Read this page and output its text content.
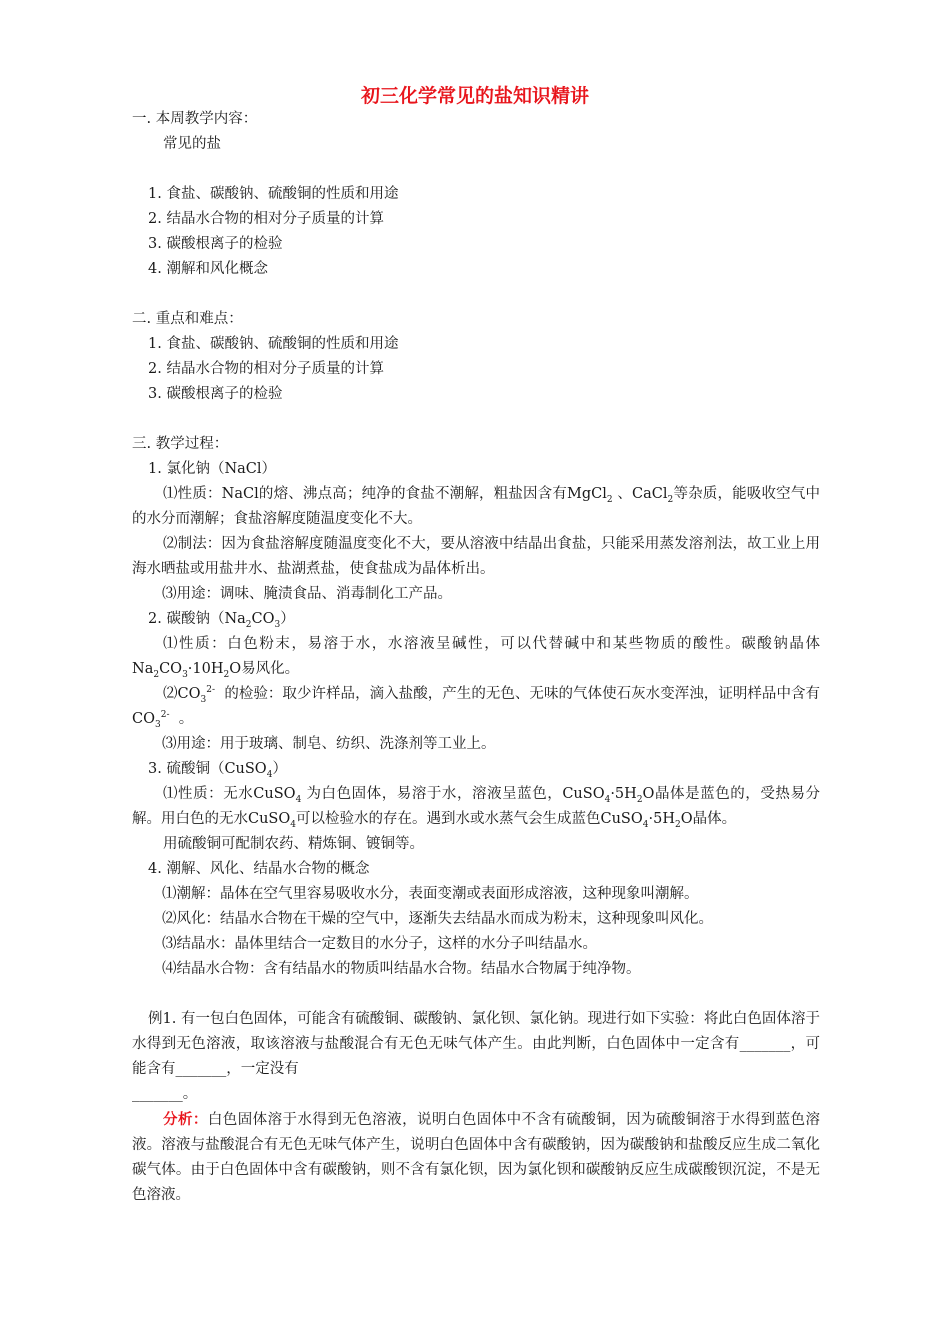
初三化学常见的盐知识精讲

一. 本周教学内容：

常见的盐

1. 食盐、碳酸钠、硫酸铜的性质和用途

2. 结晶水合物的相对分子质量的计算

3. 碳酸根离子的检验

4. 潮解和风化概念

二. 重点和难点：

1. 食盐、碳酸钠、硫酸铜的性质和用途

2. 结晶水合物的相对分子质量的计算

3. 碳酸根离子的检验

三. 教学过程：

1. 氯化钠（NaCl）

⑴性质：NaCl的熔、沸点高；纯净的食盐不潮解，粗盐因含有MgCl$_2$ 、CaCl$_2$等杂质，能吸收空气中的水分而潮解；食盐溶解度随温度变化不大。

⑵制法：因为食盐溶解度随温度变化不大，要从溶液中结晶出食盐，只能采用蒸发溶剂法，故工业上用海水晒盐或用盐井水、盐湖煮盐，使食盐成为晶体析出。

⑶用途：调味、腌渍食品、消毒制化工产品。

2. 碳酸钠$(Na_2CO_3)$

⑴性质：白色粉末，易溶于水，水溶液呈碱性，可以代替碱中和某些物质的酸性。碳酸钠晶体$Na_2CO_3\cdot 10H_2O$易风化。

$⑵CO_3^{2-}$ 的检验：取少许样品，滴入盐酸，产生的无色、无味的气体使石灰水变浑浊，证明样品中含有$CO_3^{2-}$ 。

⑶用途：用于玻璃、制皂、纺织、洗涤剂等工业上。

3. 硫酸铜（CuSO$_4$）

⑴性质：无水CuSO$_4$ 为白色固体，易溶于水，溶液呈蓝色，$CuSO_4\cdot 5H_2O$晶体是蓝色的，受热易分解。用白色的无水CuSO$_4$可以检验水的存在。遇到水或水蒸气会生成蓝色$CuSO_4\cdot 5H_2O$晶体。

用硫酸铜可配制农药、精炼铜、镀铜等。

4. 潮解、风化、结晶水合物的概念

⑴潮解：晶体在空气里容易吸收水分，表面变潮或表面形成溶液，这种现象叫潮解。

⑵风化：结晶水合物在干燥的空气中，逐渐失去结晶水而成为粉末，这种现象叫风化。

⑶结晶水：晶体里结合一定数目的水分子，这样的水分子叫结晶水。

⑷结晶水合物：含有结晶水的物质叫结晶水合物。结晶水合物属于纯净物。

例1. 有一包白色固体，可能含有硫酸铜、碳酸钠、氯化钡、氯化钠。现进行如下实验：将此白色固体溶于水得到无色溶液，取该溶液与盐酸混合有无色无味气体产生。由此判断，白色固体中一定含有_______，可能含有_______，一定没有

_______。

分析：白色固体溶于水得到无色溶液，说明白色固体中不含有硫酸铜，因为硫酸铜溶于水得到蓝色溶液。溶液与盐酸混合有无色无味气体产生，说明白色固体中含有碳酸钠，因为碳酸钠和盐酸反应生成二氧化碳气体。由于白色固体中含有碳酸钠，则不含有氯化钡，因为氯化钡和碳酸钠反应生成碳酸钡沉淀，不是无色溶液。
